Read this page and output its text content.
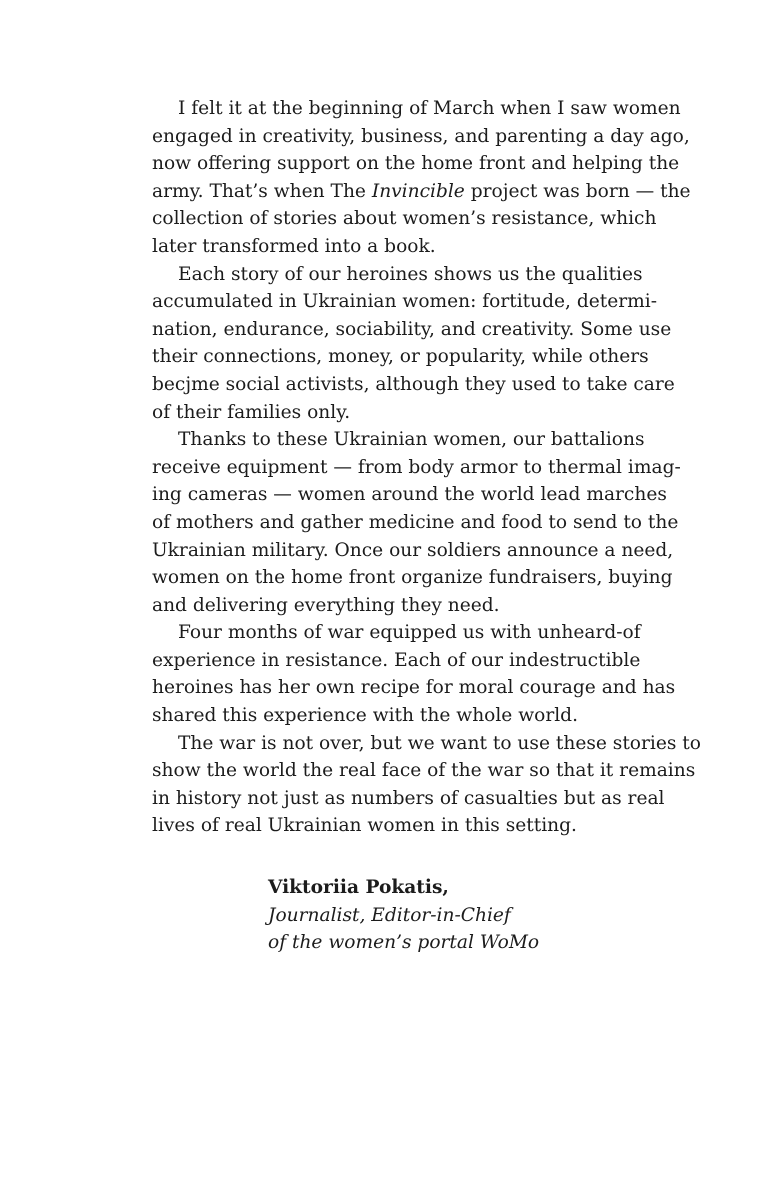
I felt it at the beginning of March when I saw women
engaged in creativity, business, and parenting a day ago,
now offering support on the home front and helping the
army. That’s when The Invincible project was born — the
collection of stories about women’s resistance, which
later transformed into a book.

Each story of our heroines shows us the qualities
accumulated in Ukrainian women: fortitude, determi-
nation, endurance, sociability, and creativity. Some use
their connections, money, or popularity, while others
becjme social activists, although they used to take care
of their families only.

Thanks to these Ukrainian women, our battalions
receive equipment — from body armor to thermal imag-
ing cameras — women around the world lead marches
of mothers and gather medicine and food to send to the
Ukrainian military. Once our soldiers announce a need,
women on the home front organize fundraisers, buying
and delivering everything they need.

Four months of war equipped us with unheard-of
experience in resistance. Each of our indestructible
heroines has her own recipe for moral courage and has
shared this experience with the whole world.

The war is not over, but we want to use these stories to
show the world the real face of the war so that it remains
in history not just as numbers of casualties but as real
lives of real Ukrainian women in this setting.

Viktoriia Pokatis,
Journalist, Editor-in-Chief
of the women’s portal WoMo
